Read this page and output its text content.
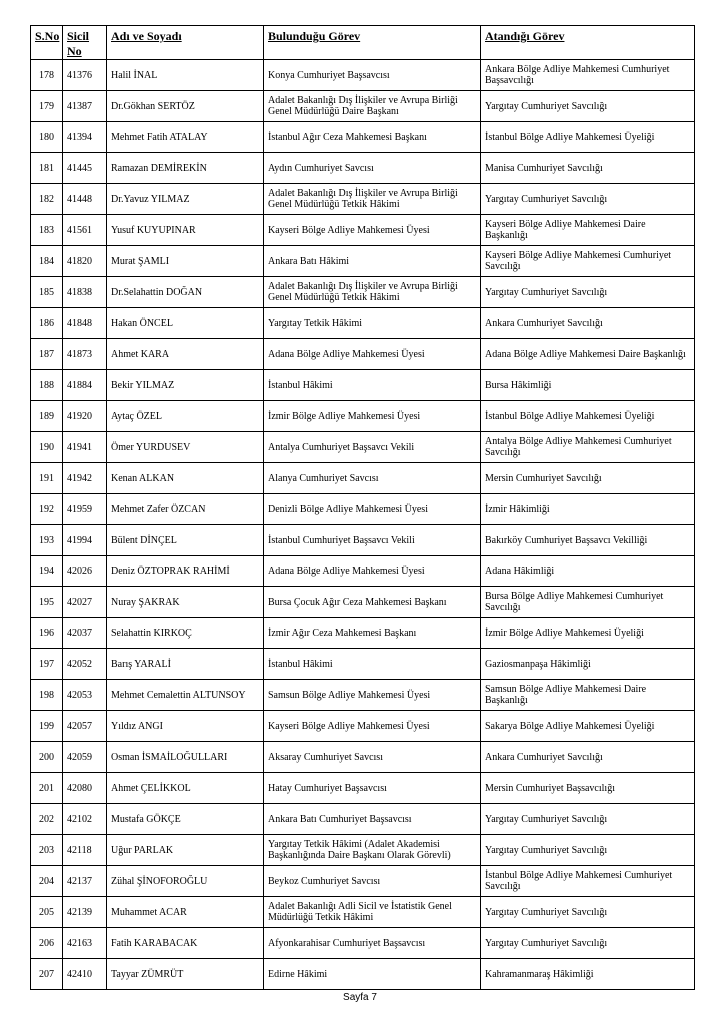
S.No	Sicil No	Adı ve Soyadı	Bulunduğu Görev	Atandığı Görev
178	41376	Halil İNAL	Konya Cumhuriyet Başsavcısı	Ankara Bölge Adliye Mahkemesi Cumhuriyet Başsavcılığı
179	41387	Dr.Gökhan SERTÖZ	Adalet Bakanlığı Dış İlişkiler ve Avrupa Birliği Genel Müdürlüğü Daire Başkanı	Yargıtay Cumhuriyet Savcılığı
180	41394	Mehmet Fatih ATALAY	İstanbul Ağır Ceza Mahkemesi Başkanı	İstanbul Bölge Adliye Mahkemesi Üyeliği
181	41445	Ramazan DEMİREKİN	Aydın Cumhuriyet Savcısı	Manisa Cumhuriyet Savcılığı
182	41448	Dr.Yavuz YILMAZ	Adalet Bakanlığı Dış İlişkiler ve Avrupa Birliği Genel Müdürlüğü Tetkik Hâkimi	Yargıtay Cumhuriyet Savcılığı
183	41561	Yusuf KUYUPINAR	Kayseri Bölge Adliye Mahkemesi Üyesi	Kayseri Bölge Adliye Mahkemesi Daire Başkanlığı
184	41820	Murat ŞAMLI	Ankara Batı Hâkimi	Kayseri Bölge Adliye Mahkemesi Cumhuriyet Savcılığı
185	41838	Dr.Selahattin DOĞAN	Adalet Bakanlığı Dış İlişkiler ve Avrupa Birliği Genel Müdürlüğü Tetkik Hâkimi	Yargıtay Cumhuriyet Savcılığı
186	41848	Hakan ÖNCEL	Yargıtay Tetkik Hâkimi	Ankara Cumhuriyet Savcılığı
187	41873	Ahmet KARA	Adana Bölge Adliye Mahkemesi Üyesi	Adana Bölge Adliye Mahkemesi Daire Başkanlığı
188	41884	Bekir YILMAZ	İstanbul Hâkimi	Bursa Hâkimliği
189	41920	Aytaç ÖZEL	İzmir Bölge Adliye Mahkemesi Üyesi	İstanbul Bölge Adliye Mahkemesi Üyeliği
190	41941	Ömer YURDUSEV	Antalya Cumhuriyet Başsavcı Vekili	Antalya Bölge Adliye Mahkemesi Cumhuriyet Savcılığı
191	41942	Kenan ALKAN	Alanya Cumhuriyet Savcısı	Mersin Cumhuriyet Savcılığı
192	41959	Mehmet Zafer ÖZCAN	Denizli Bölge Adliye Mahkemesi Üyesi	İzmir Hâkimliği
193	41994	Bülent DİNÇEL	İstanbul Cumhuriyet Başsavcı Vekili	Bakırköy Cumhuriyet Başsavcı Vekilliği
194	42026	Deniz ÖZTOPRAK RAHİMİ	Adana Bölge Adliye Mahkemesi Üyesi	Adana Hâkimliği
195	42027	Nuray ŞAKRAK	Bursa Çocuk Ağır Ceza Mahkemesi Başkanı	Bursa Bölge Adliye Mahkemesi Cumhuriyet Savcılığı
196	42037	Selahattin KIRKOÇ	İzmir Ağır Ceza Mahkemesi Başkanı	İzmir Bölge Adliye Mahkemesi Üyeliği
197	42052	Barış YARALİ	İstanbul Hâkimi	Gaziosmanpaşa Hâkimliği
198	42053	Mehmet Cemalettin ALTUNSOY	Samsun Bölge Adliye Mahkemesi Üyesi	Samsun Bölge Adliye Mahkemesi Daire Başkanlığı
199	42057	Yıldız ANGI	Kayseri Bölge Adliye Mahkemesi Üyesi	Sakarya Bölge Adliye Mahkemesi Üyeliği
200	42059	Osman İSMAİLOĞULLARI	Aksaray Cumhuriyet Savcısı	Ankara Cumhuriyet Savcılığı
201	42080	Ahmet ÇELİKKOL	Hatay Cumhuriyet Başsavcısı	Mersin Cumhuriyet Başsavcılığı
202	42102	Mustafa GÖKÇE	Ankara Batı Cumhuriyet Başsavcısı	Yargıtay Cumhuriyet Savcılığı
203	42118	Uğur PARLAK	Yargıtay Tetkik Hâkimi (Adalet Akademisi Başkanlığında Daire Başkanı Olarak Görevli)	Yargıtay Cumhuriyet Savcılığı
204	42137	Zühal ŞİNOFOROĞLU	Beykoz Cumhuriyet Savcısı	İstanbul Bölge Adliye Mahkemesi Cumhuriyet Savcılığı
205	42139	Muhammet ACAR	Adalet Bakanlığı Adli Sicil ve İstatistik Genel Müdürlüğü Tetkik Hâkimi	Yargıtay Cumhuriyet Savcılığı
206	42163	Fatih KARABACAK	Afyonkarahisar Cumhuriyet Başsavcısı	Yargıtay Cumhuriyet Savcılığı
207	42410	Tayyar ZÜMRÜT	Edirne Hâkimi	Kahramanmaraş Hâkimliği
Sayfa 7
